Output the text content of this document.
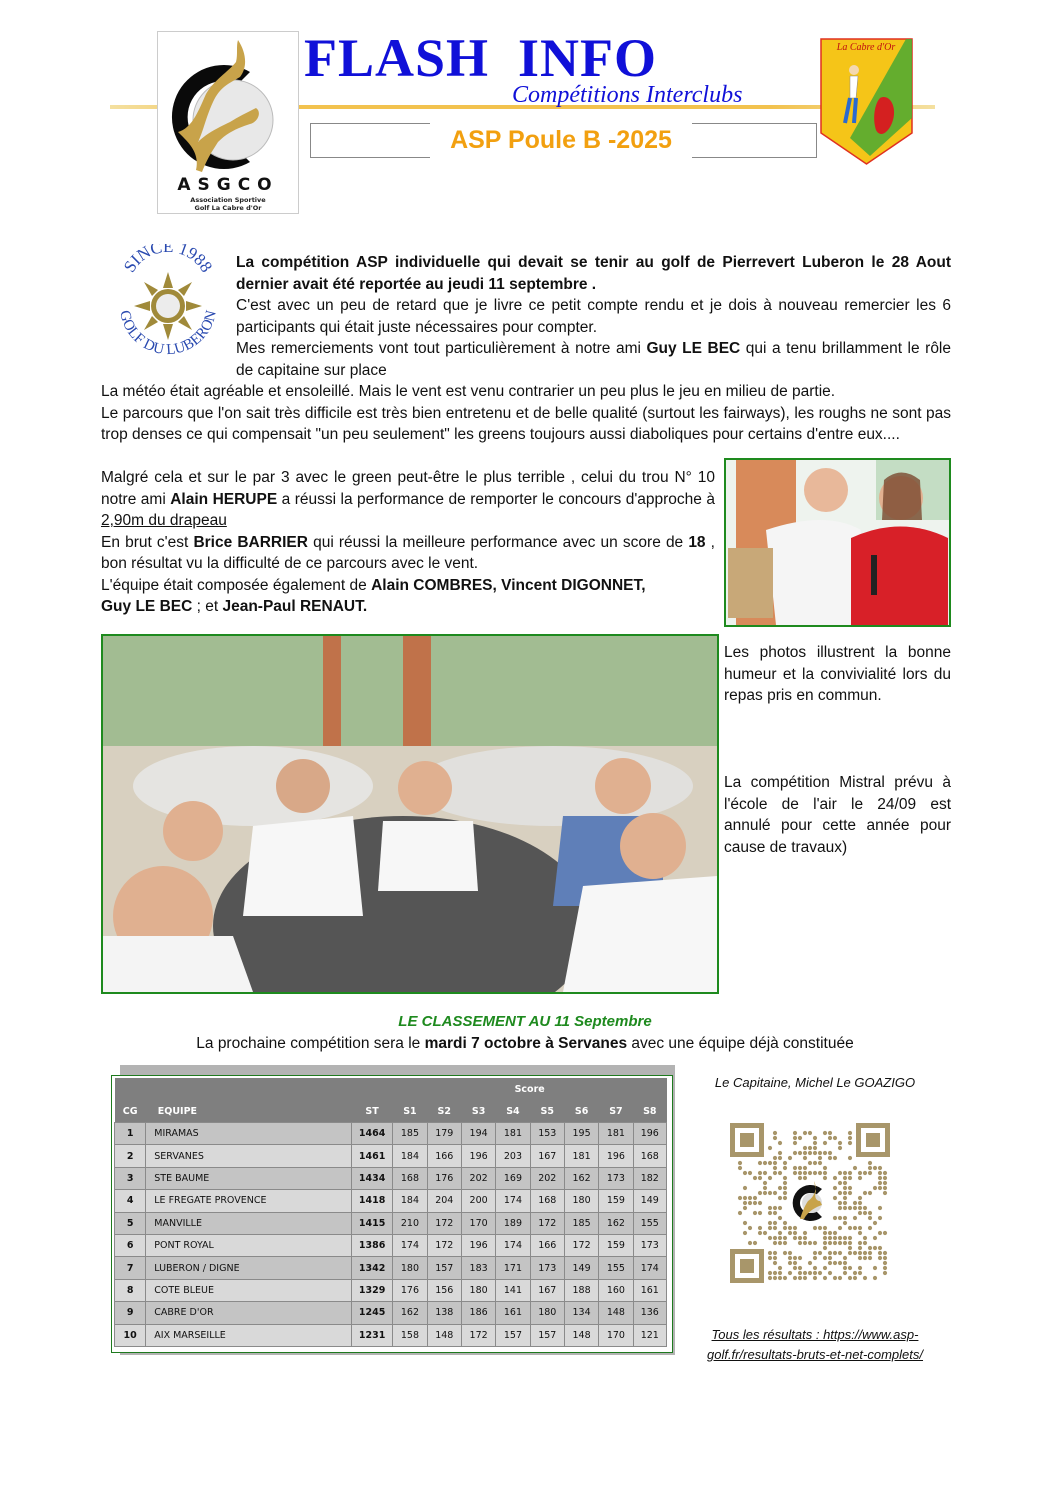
ASGCO
Association Sportive
Golf La Cabre d'Or
FLASH  INFO
Compétitions Interclubs
ASP Poule B -2025
La Cabre d'Or
SINCE 1988
GOLF DU LUBERON
La compétition ASP individuelle qui devait se tenir au golf de Pierrevert Luberon le 28 Aout dernier avait été reportée au jeudi 11 septembre .
C'est avec un peu de retard que je livre ce petit compte rendu et je dois à nouveau remercier les 6 participants qui était juste nécessaires pour compter.
Mes remerciements vont tout particulièrement à notre ami Guy LE BEC qui a tenu brillamment le rôle de capitaine sur place
La météo était agréable et ensoleillé. Mais le vent est venu contrarier un peu plus le jeu en milieu de partie.
Le parcours que l'on sait très difficile est très bien entretenu et de belle qualité (surtout les fairways), les roughs ne sont pas trop denses ce qui compensait "un peu seulement" les greens toujours aussi diaboliques pour certains d'entre eux....
Malgré cela et sur le par 3 avec le green peut-être le plus terrible , celui du trou N° 10 notre ami Alain HERUPE a réussi la performance de remporter le concours d'approche à 2,90m du drapeau
En brut c'est Brice BARRIER qui réussi la meilleure performance avec un score de 18 , bon résultat vu la difficulté de ce parcours avec le vent.
L'équipe était composée également de Alain COMBRES, Vincent DIGONNET,
Guy LE BEC ; et Jean-Paul RENAUT.
Les photos illustrent la bonne humeur et la convivialité lors du repas pris en commun.
La compétition Mistral prévu à l'école de l'air le 24/09 est annulé pour cette année pour cause de travaux)
LE CLASSEMENT AU 11 Septembre
La prochaine compétition sera le mardi 7 octobre à Servanes avec une équipe déjà constituée
			Score							
CG	EQUIPE	ST	S1	S2	S3	S4	S5	S6	S7	S8
1	MIRAMAS	1464	185	179	194	181	153	195	181	196
2	SERVANES	1461	184	166	196	203	167	181	196	168
3	STE BAUME	1434	168	176	202	169	202	162	173	182
4	LE FREGATE PROVENCE	1418	184	204	200	174	168	180	159	149
5	MANVILLE	1415	210	172	170	189	172	185	162	155
6	PONT ROYAL	1386	174	172	196	174	166	172	159	173
7	LUBERON / DIGNE	1342	180	157	183	171	173	149	155	174
8	COTE BLEUE	1329	176	156	180	141	167	188	160	161
9	CABRE D'OR	1245	162	138	186	161	180	134	148	136
10	AIX MARSEILLE	1231	158	148	172	157	157	148	170	121
Le Capitaine, Michel Le GOAZIGO
Tous les résultats : https://www.asp-golf.fr/resultats-bruts-et-net-complets/
